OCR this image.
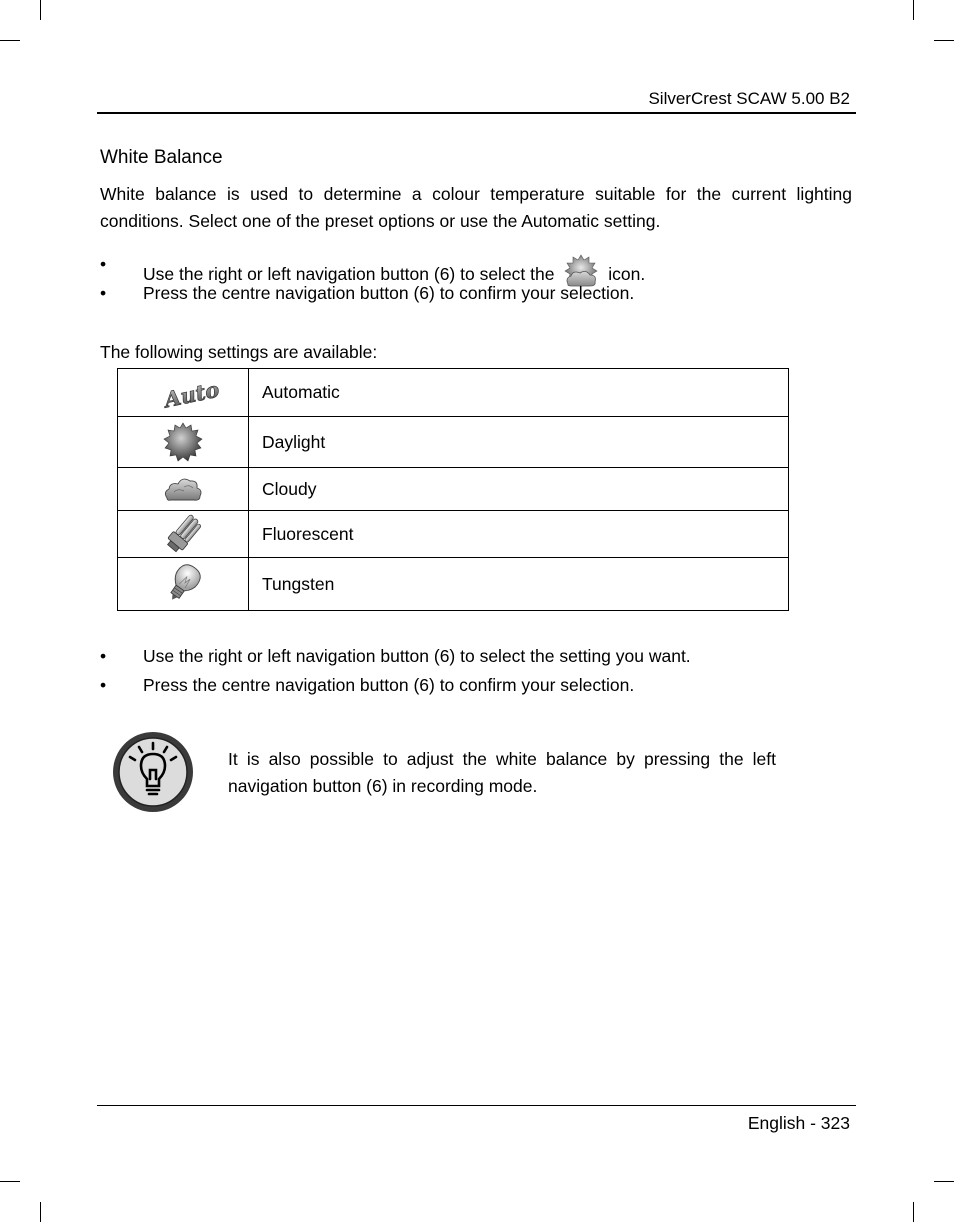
SilverCrest SCAW 5.00 B2
White Balance
White balance is used to determine a colour temperature suitable for the current lighting conditions. Select one of the preset options or use the Automatic setting.
• Use the right or left navigation button (6) to select the	icon.
• Press the centre navigation button (6) to confirm your selection.
The following settings are available:
Auto	Automatic
	Daylight
	Cloudy
	Fluorescent
	Tungsten
• Use the right or left navigation button (6) to select the setting you want.
• Press the centre navigation button (6) to confirm your selection.
It is also possible to adjust the white balance by pressing the left navigation button (6) in recording mode.
English - 323
